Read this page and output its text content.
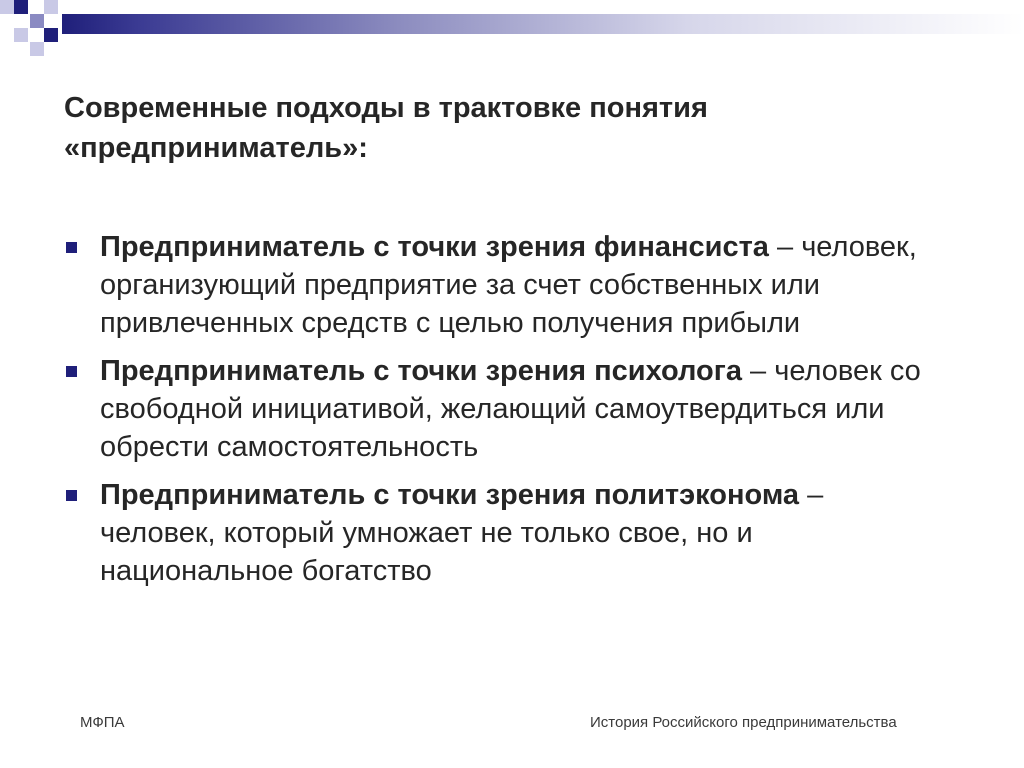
Современные подходы в трактовке понятия
«предприниматель»:
Предприниматель с точки зрения финансиста – человек, организующий предприятие за счет собственных или привлеченных средств с целью получения прибыли
Предприниматель с точки зрения психолога – человек со свободной инициативой, желающий самоутвердиться или обрести самостоятельность
Предприниматель с точки зрения политэконома – человек, который умножает не только свое, но и национальное богатство
МФПА	История Российского предпринимательства
